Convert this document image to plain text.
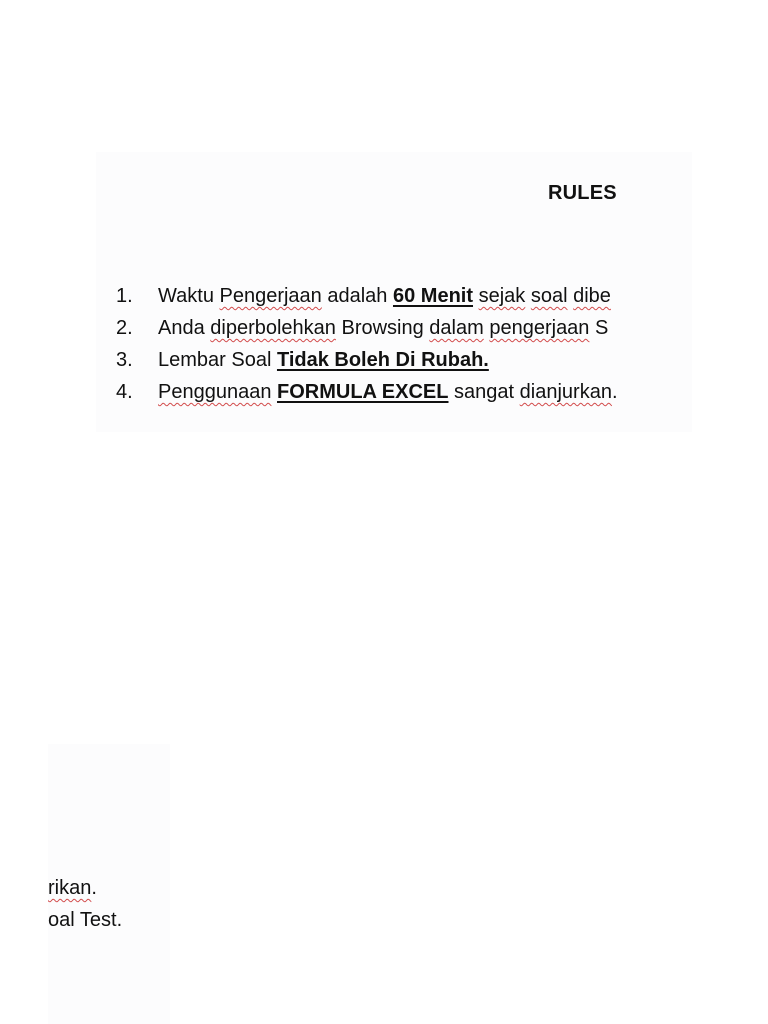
RULES
1. Waktu Pengerjaan adalah 60 Menit sejak soal dibe
2. Anda diperbolehkan Browsing dalam pengerjaan S
3. Lembar Soal Tidak Boleh Di Rubah.
4. Penggunaan FORMULA EXCEL sangat dianjurkan.
rikan.
oal Test.
